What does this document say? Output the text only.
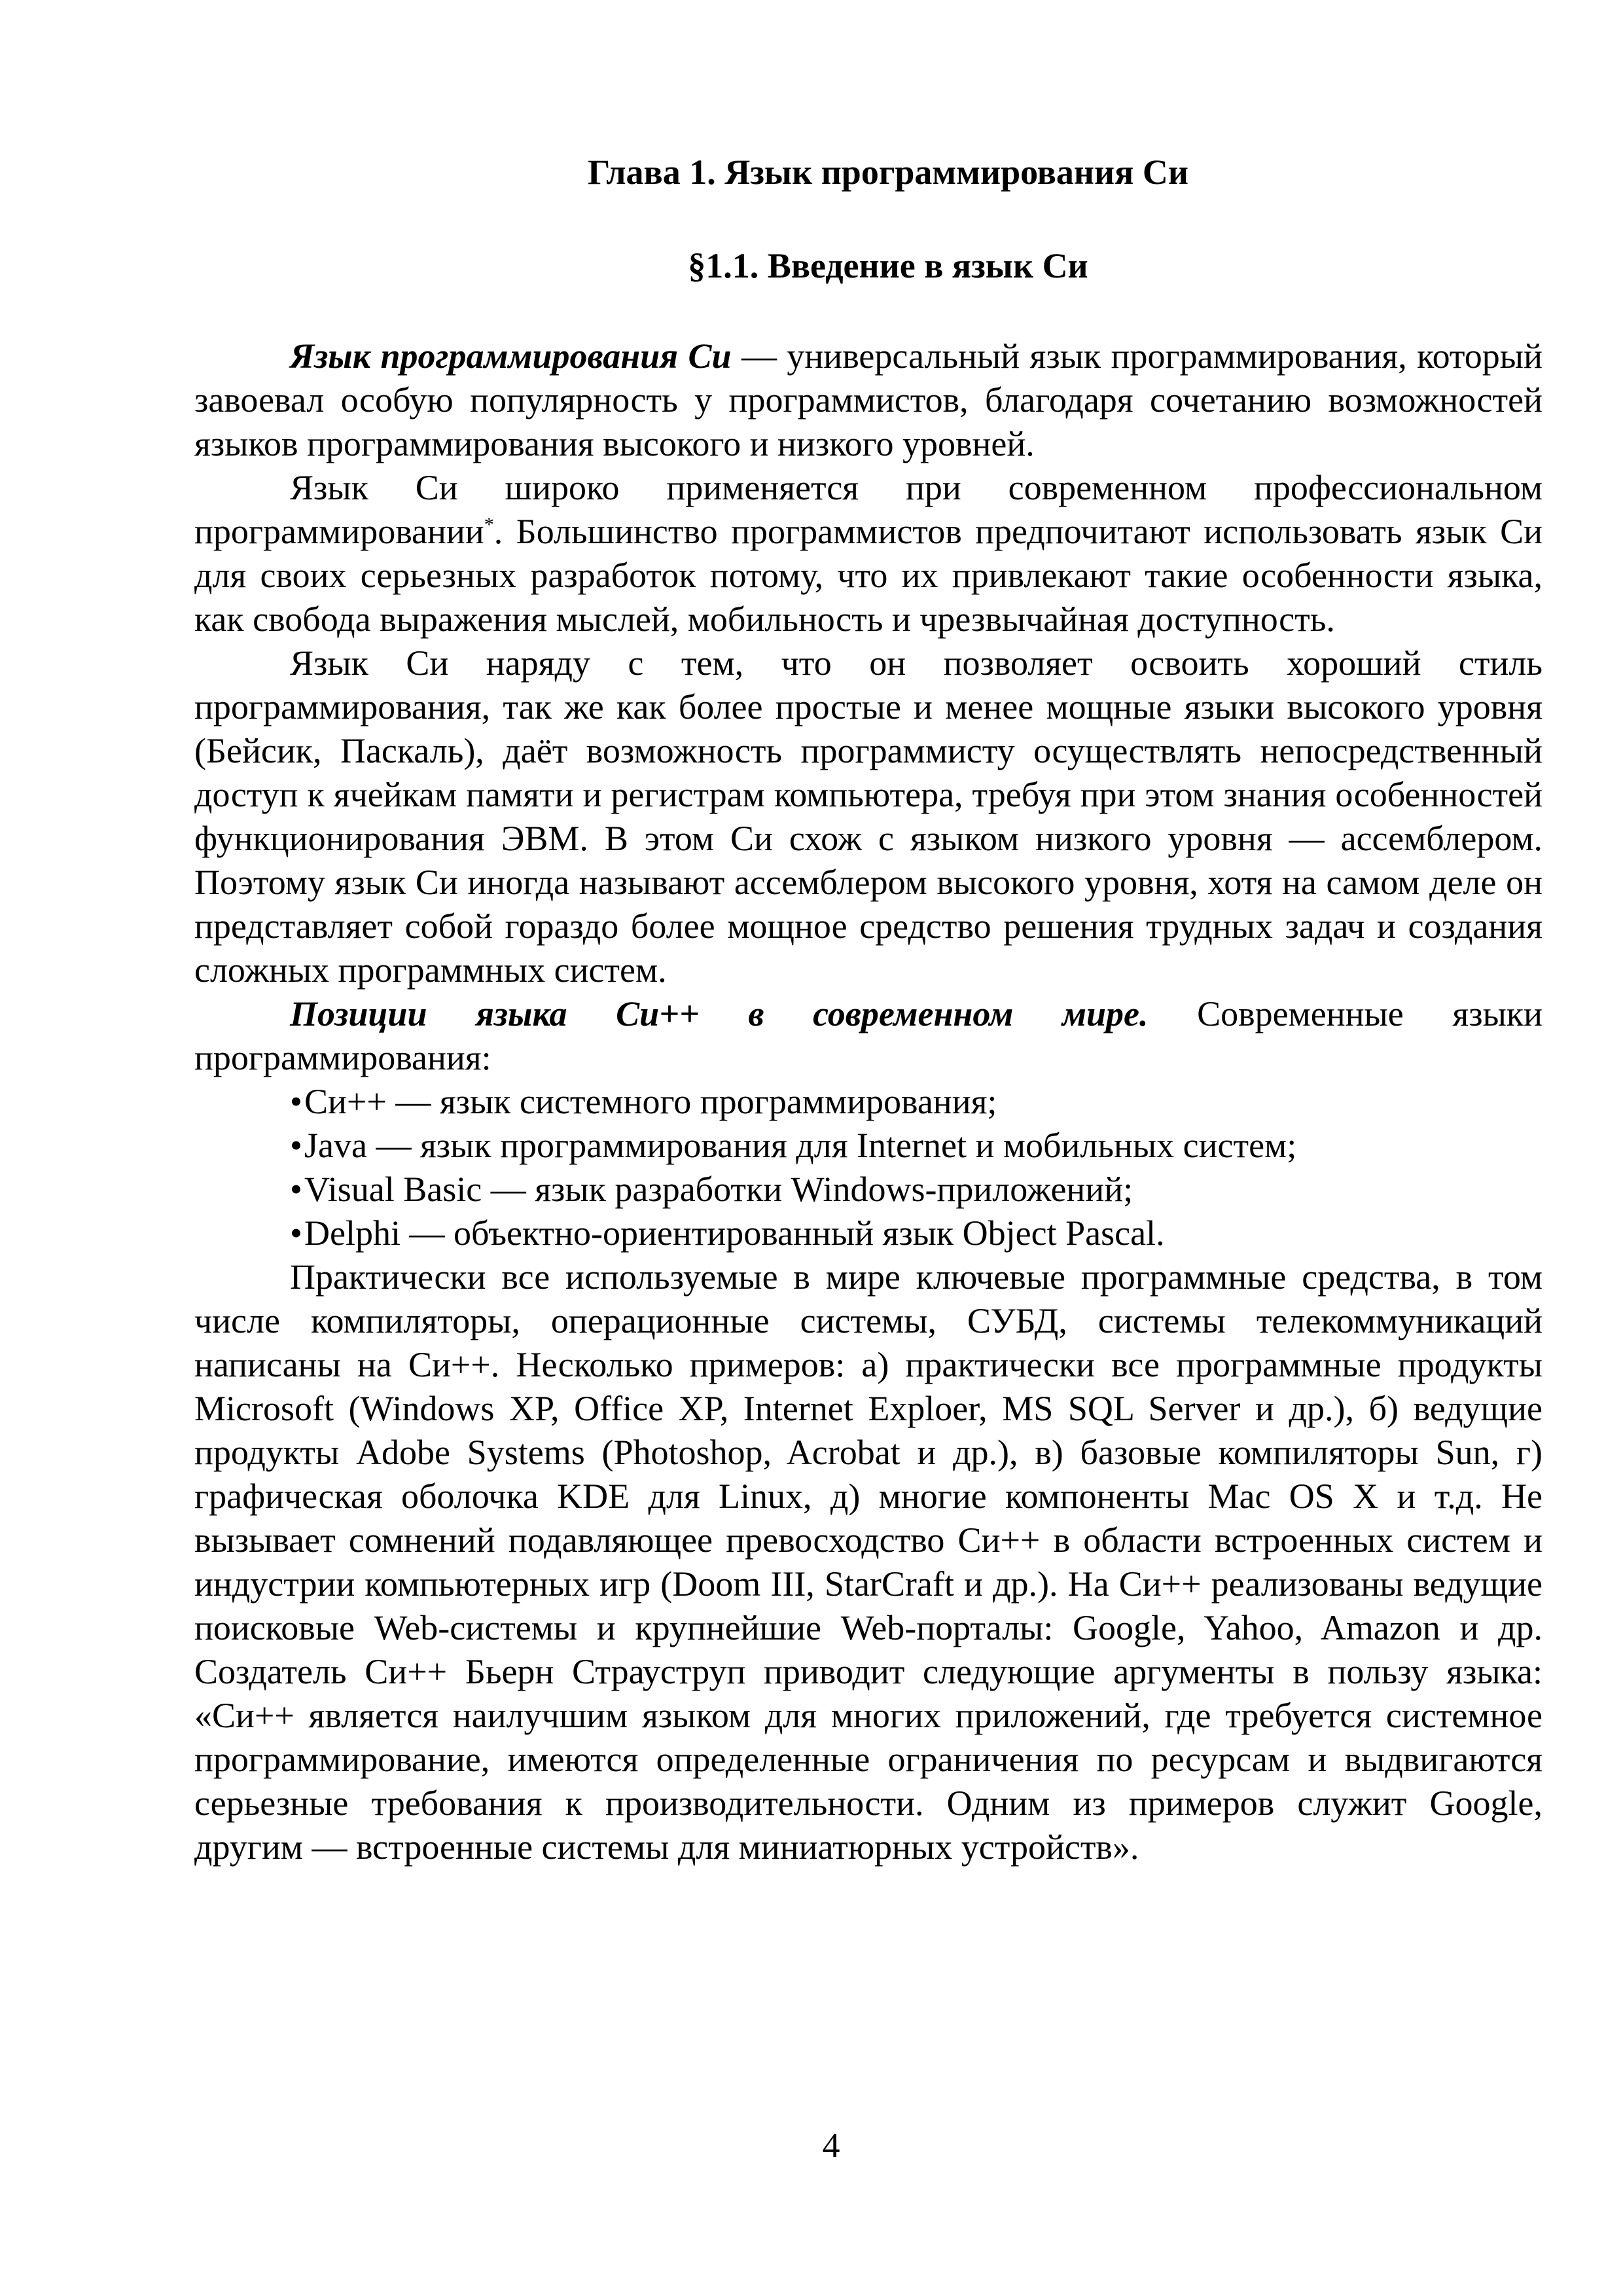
Глава 1. Язык программирования Си
§1.1. Введение в язык Си

Язык программирования Си — универсальный язык программирования, который завоевал особую популярность у программистов, благодаря сочетанию возможностей языков программирования высокого и низкого уровней.

Язык Си широко применяется при современном профессиональном программировании*. Большинство программистов предпочитают использовать язык Си для своих серьезных разработок потому, что их привлекают такие особенности языка, как свобода выражения мыслей, мобильность и чрезвычайная доступность.

Язык Си наряду с тем, что он позволяет освоить хороший стиль программирования, так же как более простые и менее мощные языки высокого уровня (Бейсик, Паскаль), даёт возможность программисту осуществлять непосредственный доступ к ячейкам памяти и регистрам компьютера, требуя при этом знания особенностей функционирования ЭВМ. В этом Си схож с языком низкого уровня — ассемблером. Поэтому язык Си иногда называют ассемблером высокого уровня, хотя на самом деле он представляет собой гораздо более мощное средство решения трудных задач и создания сложных программных систем.

Позиции языка Си++ в современном мире. Современные языки программирования:

•Си++ — язык системного программирования;
•Java — язык программирования для Internet и мобильных систем;
•Visual Basic — язык разработки Windows-приложений;
•Delphi — объектно-ориентированный язык Object Pascal.

Практически все используемые в мире ключевые программные средства, в том числе компиляторы, операционные системы, СУБД, системы телекоммуникаций написаны на Си++. Несколько примеров: а) практически все программные продукты Microsoft (Windows XP, Office XP, Internet Exploer, MS SQL Server и др.), б) ведущие продукты Adobe Systems (Photoshop, Acrobat и др.), в) базовые компиляторы Sun, г) графическая оболочка KDE для Linux, д) многие компоненты Mac OS X и т.д. Не вызывает сомнений подавляющее превосходство Си++ в области встроенных систем и индустрии компьютерных игр (Doom III, StarCraft и др.). На Си++ реализованы ведущие поисковые Web-системы и крупнейшие Web-порталы: Google, Yahoo, Amazon и др. Создатель Си++ Бьерн Страуструп приводит следующие аргументы в пользу языка: «Си++ является наилучшим языком для многих приложений, где требуется системное программирование, имеются определенные ограничения по ресурсам и выдвигаются серьезные требования к производительности. Одним из примеров служит Google, другим — встроенные системы для миниатюрных устройств».

4
